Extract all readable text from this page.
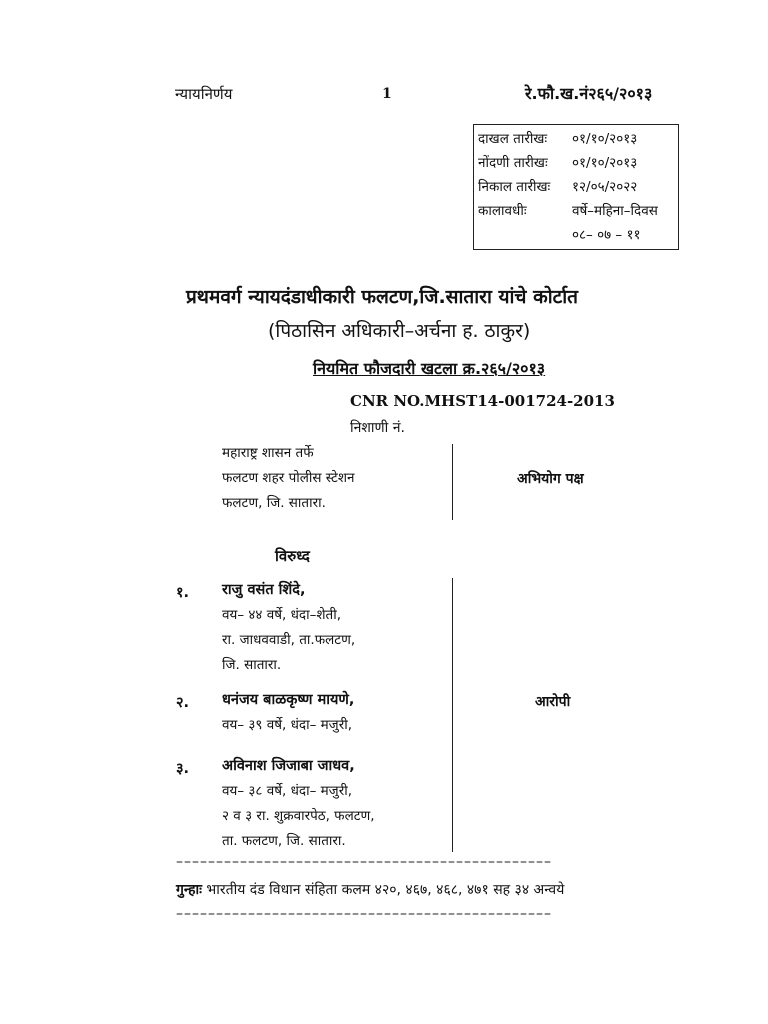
न्यायनिर्णय	1	रे.फौ.ख.नं२६५/२०१३
दाखल तारीखः	०१/१०/२०१३
नोंदणी तारीखः	०१/१०/२०१३
निकाल तारीखः	१२/०५/२०२२
कालावधीः	वर्षे–महिना–दिवस
०८– ०७ – ११
प्रथमवर्ग न्यायदंडाधीकारी फलटण,जि.सातारा यांचे कोर्टात
(पिठासिन अधिकारी–अर्चना ह. ठाकुर)
नियमित फौजदारी खटला क्र.२६५/२०१३
CNR NO.MHST14-001724-2013
निशाणी नं.
महाराष्ट्र शासन तर्फे
फलटण शहर पोलीस स्टेशन
फलटण, जि. सातारा.
अभियोग पक्ष
विरुध्द
१. राजु वसंत शिंदे,
वय– ४४ वर्षे, धंदा–शेती,
रा. जाधववाडी, ता.फलटण,
जि. सातारा.
२. धनंजय बाळकृष्ण मायणे,
वय– ३९ वर्षे, धंदा– मजुरी,
३. अविनाश जिजाबा जाधव,
वय– ३८ वर्षे, धंदा– मजुरी,
२ व ३ रा. शुक्रवारपेठ, फलटण,
ता. फलटण, जि. सातारा.
आरोपी
–––––––––––––––––––––––––––––––––––––––––––––––
गुन्हाः भारतीय दंड विधान संहिता कलम ४२०, ४६७, ४६८, ४७१ सह ३४ अन्वये
–––––––––––––––––––––––––––––––––––––––––––––––
